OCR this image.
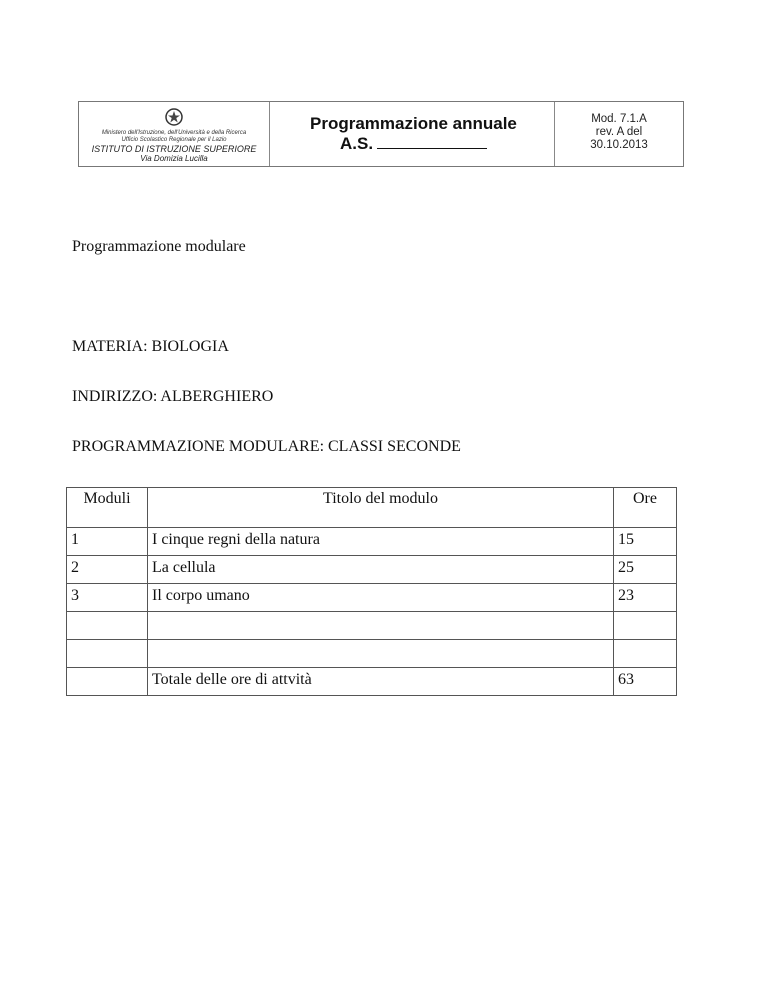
Ministero dell'Istruzione, dell'Università e della Ricerca
Ufficio Scolastico Regionale per il Lazio
ISTITUTO DI ISTRUZIONE SUPERIORE
Via Domizia Lucilla
Programmazione annuale
A.S.
Mod. 7.1.A
rev. A del
30.10.2013
Programmazione modulare
MATERIA: BIOLOGIA
INDIRIZZO: ALBERGHIERO
PROGRAMMAZIONE MODULARE: CLASSI SECONDE
Moduli	Titolo del modulo	Ore
1	I cinque regni della natura	15
2	La cellula	25
3	Il corpo umano	23

	Totale delle ore di attvità	63
